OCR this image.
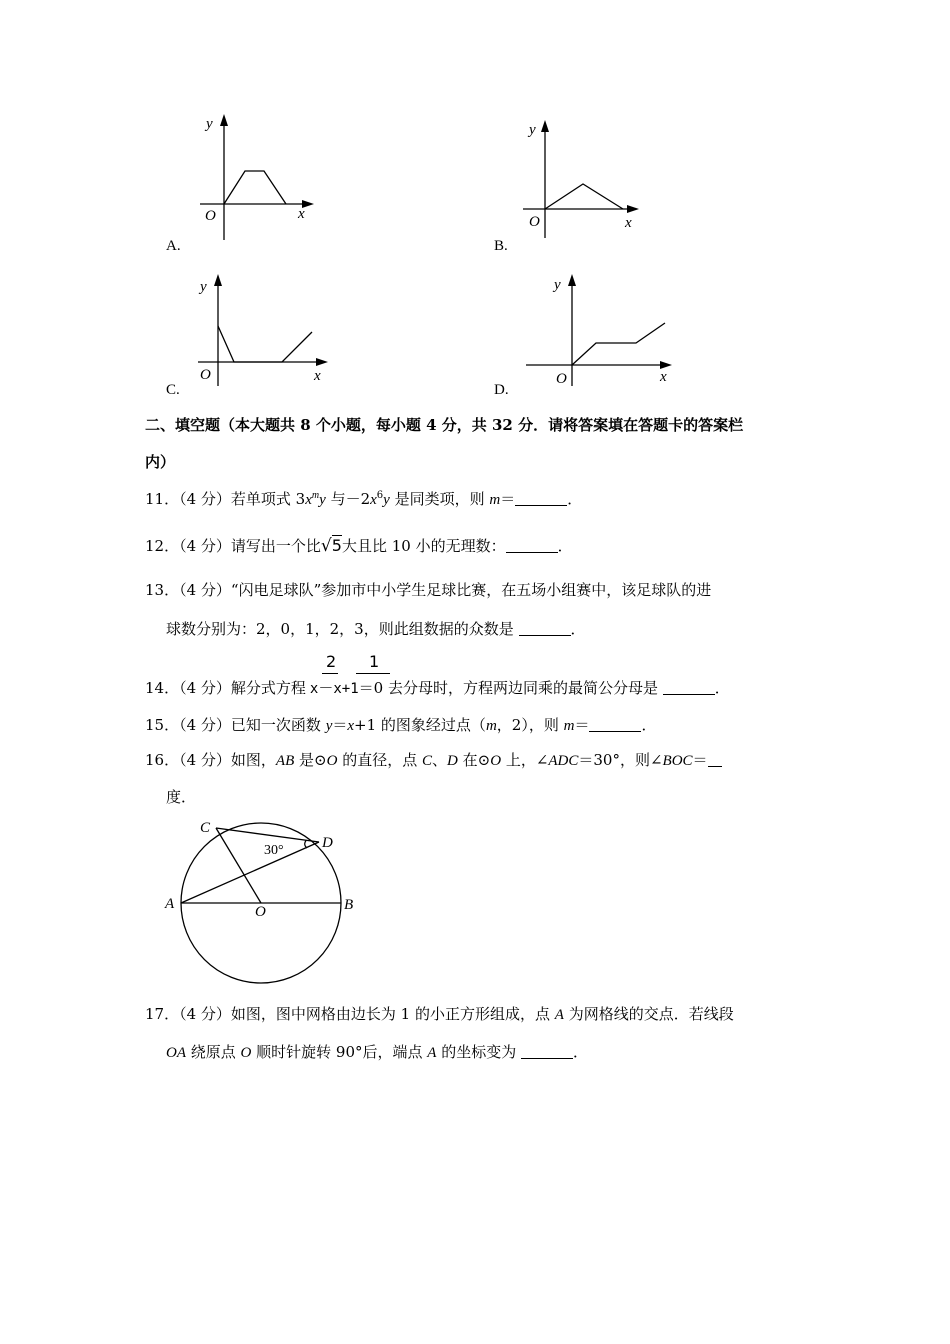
y
O	x
A.
y
O	x
B.
y
O	x
C.
y
O	x
D.
二、填空题（本大题共 8 个小题，每小题 4 分，共 32 分．请将答案填在答题卡的答案栏
内）
11．（4 分）若单项式 $3x^my$ 与$-2x^6y$ 是同类项，则 m＝	．
12．（4 分）请写出一个比√5大且比 10 小的无理数：	．
13．（4 分）“闪电足球队”参加市中小学生足球比赛，在五场小组赛中，该足球队的进
球数分别为：2，0，1，2，3，则此组数据的众数是	．
2 1
14．（4 分）解分式方程 x－x+1＝0 去分母时，方程两边同乘的最简公分母是	．
15．（4 分）已知一次函数 y＝x+1 的图象经过点（m，2），则 m＝	．
16．（4 分）如图，AB 是⊙O 的直径，点 C、D 在⊙O 上，∠ADC＝30°，则∠BOC＝
度．
C
D
A	O	B
30°
17．（4 分）如图，图中网格由边长为 1 的小正方形组成，点 A 为网格线的交点．若线段
OA 绕原点 O 顺时针旋转 90°后，端点 A 的坐标变为	．
